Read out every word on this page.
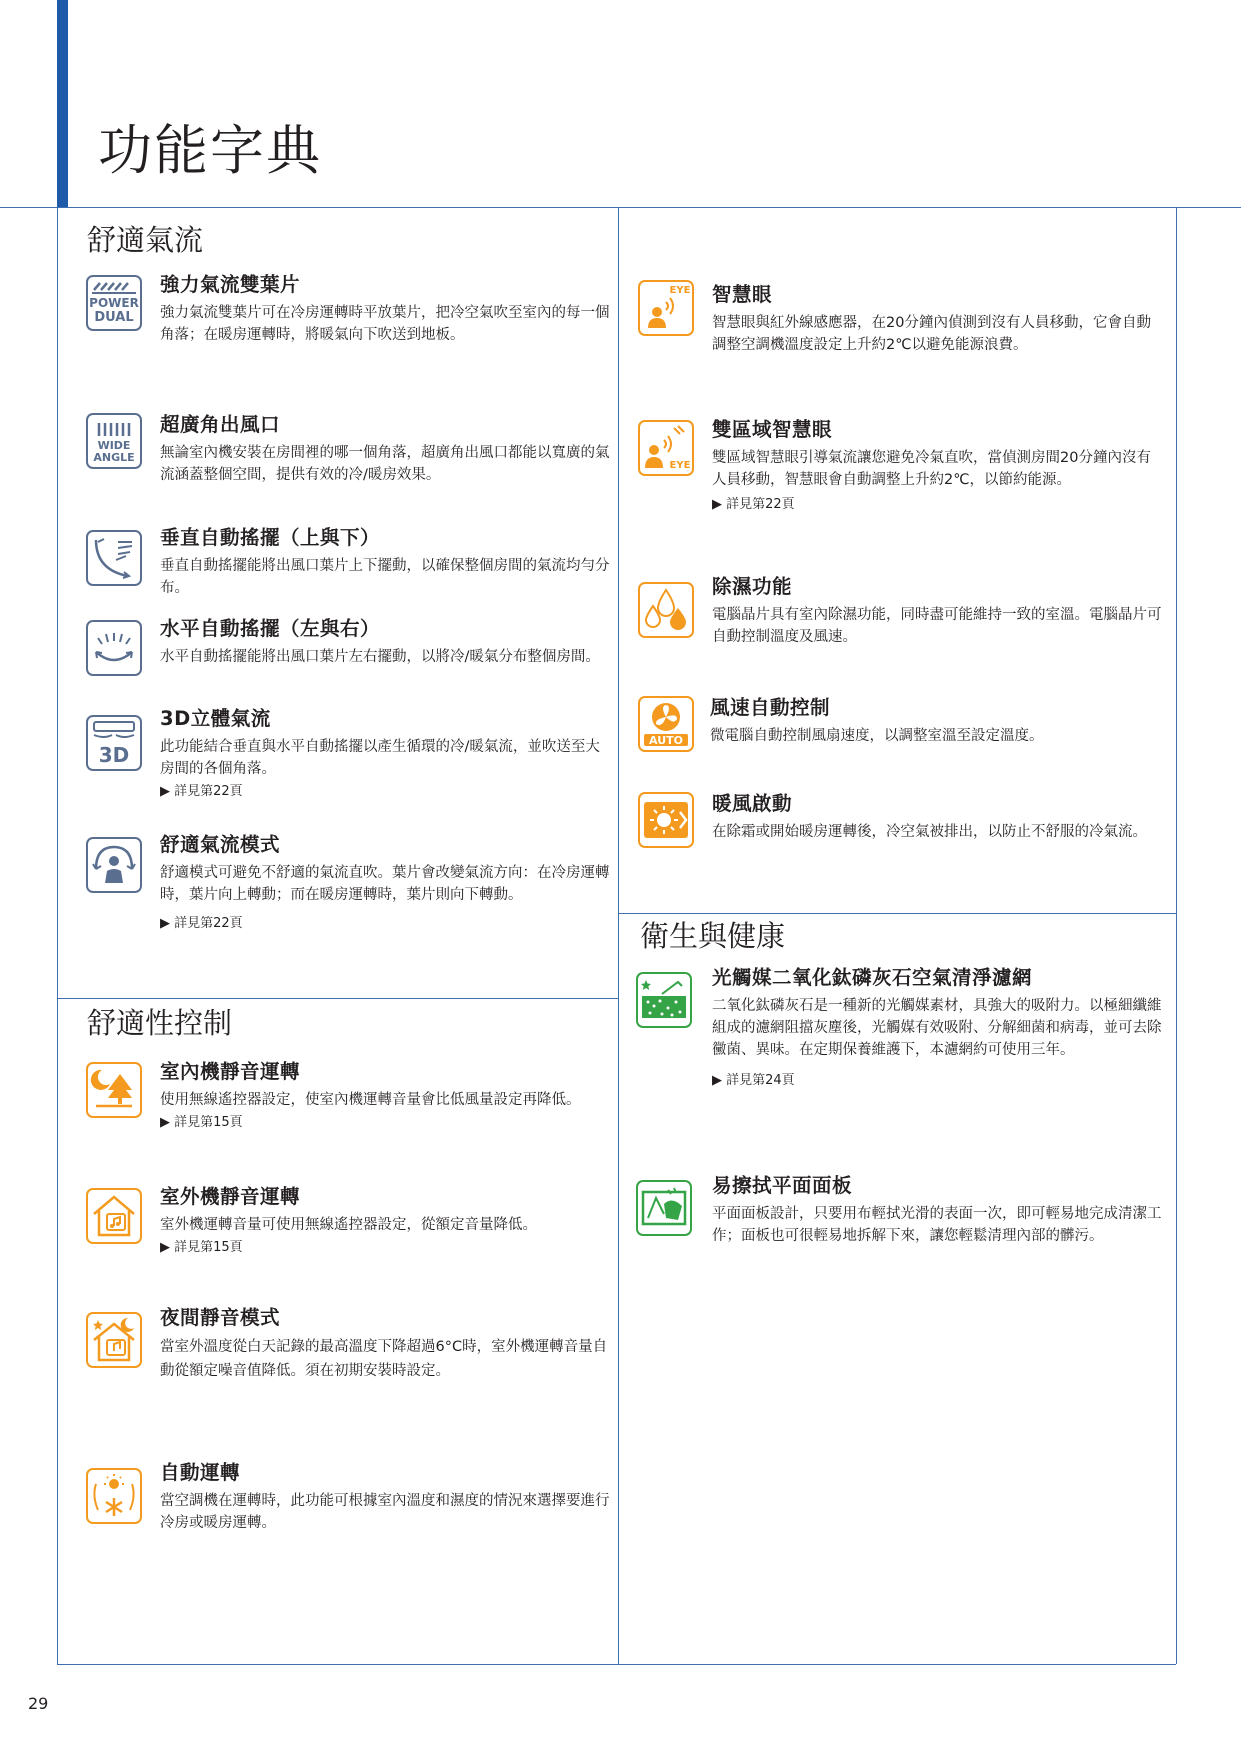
功能字典
舒適氣流
舒適性控制
衛生與健康
POWER
DUAL

強力氣流雙葉片

強力氣流雙葉片可在冷房運轉時平放葉片，把冷空氣吹至室內的每一個角落；在暖房運轉時，將暖氣向下吹送到地板。

WIDE
ANGLE

超廣角出風口

無論室內機安裝在房間裡的哪一個角落，超廣角出風口都能以寬廣的氣流涵蓋整個空間，提供有效的冷/暖房效果。

垂直自動搖擺（上與下）

垂直自動搖擺能將出風口葉片上下擺動，以確保整個房間的氣流均勻分布。

水平自動搖擺（左與右）

水平自動搖擺能將出風口葉片左右擺動，以將冷/暖氣分布整個房間。

3D

3D立體氣流

此功能結合垂直與水平自動搖擺以產生循環的冷/暖氣流，並吹送至大房間的各個角落。

▶ 詳見第22頁

舒適氣流模式

舒適模式可避免不舒適的氣流直吹。葉片會改變氣流方向：在冷房運轉時，葉片向上轉動；而在暖房運轉時，葉片則向下轉動。

▶ 詳見第22頁

室內機靜音運轉

使用無線遙控器設定，使室內機運轉音量會比低風量設定再降低。

▶ 詳見第15頁

室外機靜音運轉

室外機運轉音量可使用無線遙控器設定，從額定音量降低。

▶ 詳見第15頁

夜間靜音模式

當室外溫度從白天記錄的最高溫度下降超過6°C時，室外機運轉音量自動從額定噪音值降低。須在初期安裝時設定。

自動運轉

當空調機在運轉時，此功能可根據室內溫度和濕度的情況來選擇要進行冷房或暖房運轉。

EYE 智慧眼

智慧眼與紅外線感應器，在20分鐘內偵測到沒有人員移動，它會自動調整空調機溫度設定上升約2℃以避免能源浪費。

EYE

雙區域智慧眼

雙區域智慧眼引導氣流讓您避免冷氣直吹，當偵測房間20分鐘內沒有人員移動，智慧眼會自動調整上升約2℃，以節約能源。

▶ 詳見第22頁

除濕功能

電腦晶片具有室內除濕功能，同時盡可能維持一致的室溫。電腦晶片可自動控制溫度及風速。

AUTO

風速自動控制

微電腦自動控制風扇速度，以調整室溫至設定溫度。

暖風啟動

在除霜或開始暖房運轉後，冷空氣被排出，以防止不舒服的冷氣流。

光觸媒二氧化鈦磷灰石空氣清淨濾網

二氧化鈦磷灰石是一種新的光觸媒素材，具強大的吸附力。以極細纖維組成的濾網阻擋灰塵後，光觸媒有效吸附、分解細菌和病毒，並可去除黴菌、異味。在定期保養維護下，本濾網約可使用三年。

▶ 詳見第24頁

易擦拭平面面板

平面面板設計，只要用布輕拭光滑的表面一次，即可輕易地完成清潔工作；面板也可很輕易地拆解下來，讓您輕鬆清理內部的髒污。

29
